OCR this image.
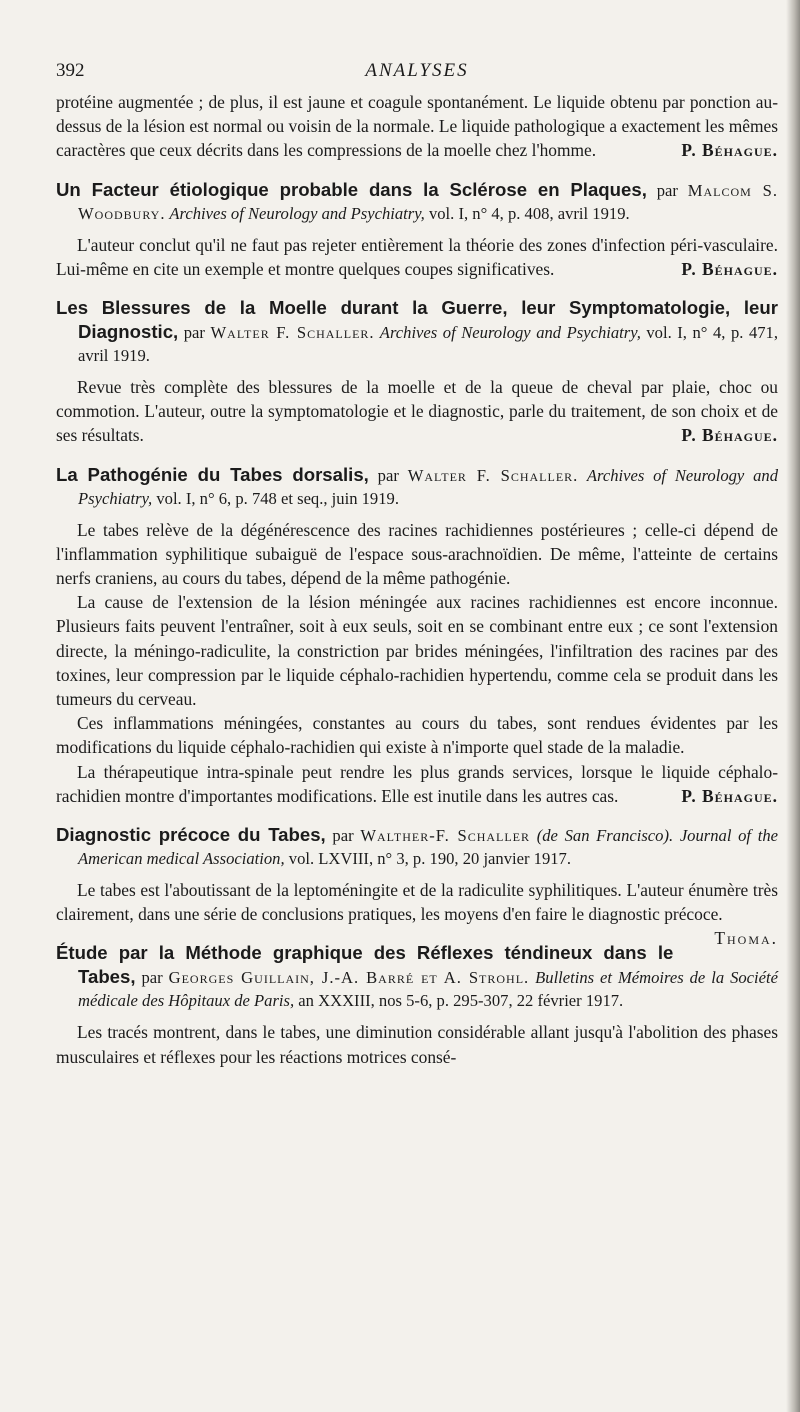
392	ANALYSES

protéine augmentée ; de plus, il est jaune et coagule spontanément. Le liquide obtenu par ponction au-dessus de la lésion est normal ou voisin de la normale. Le liquide pathologique a exactement les mêmes caractères que ceux décrits dans les compressions de la moelle chez l'homme.	P. Béhague.

Un Facteur étiologique probable dans la Sclérose en Plaques, par Malcom S. Woodbury. Archives of Neurology and Psychiatry, vol. I, n° 4, p. 408, avril 1919.

L'auteur conclut qu'il ne faut pas rejeter entièrement la théorie des zones d'infection péri-vasculaire. Lui-même en cite un exemple et montre quelques coupes significatives.	P. Béhague.

Les Blessures de la Moelle durant la Guerre, leur Symptomatologie, leur Diagnostic, par Walter F. Schaller. Archives of Neurology and Psychiatry, vol. I, n° 4, p. 471, avril 1919.

Revue très complète des blessures de la moelle et de la queue de cheval par plaie, choc ou commotion. L'auteur, outre la symptomatologie et le diagnostic, parle du traitement, de son choix et de ses résultats.	P. Béhague.

La Pathogénie du Tabes dorsalis, par Walter F. Schaller. Archives of Neurology and Psychiatry, vol. I, n° 6, p. 748 et seq., juin 1919.

Le tabes relève de la dégénérescence des racines rachidiennes postérieures ; celle-ci dépend de l'inflammation syphilitique subaiguë de l'espace sous-arachnoïdien. De même, l'atteinte de certains nerfs craniens, au cours du tabes, dépend de la même pathogénie.

La cause de l'extension de la lésion méningée aux racines rachidiennes est encore inconnue. Plusieurs faits peuvent l'entraîner, soit à eux seuls, soit en se combinant entre eux ; ce sont l'extension directe, la méningo-radiculite, la constriction par brides méningées, l'infiltration des racines par des toxines, leur compression par le liquide céphalo-rachidien hypertendu, comme cela se produit dans les tumeurs du cerveau.

Ces inflammations méningées, constantes au cours du tabes, sont rendues évidentes par les modifications du liquide céphalo-rachidien qui existe à n'importe quel stade de la maladie.

La thérapeutique intra-spinale peut rendre les plus grands services, lorsque le liquide céphalo-rachidien montre d'importantes modifications. Elle est inutile dans les autres cas.	P. Béhague.

Diagnostic précoce du Tabes, par Walther-F. Schaller (de San Francisco). Journal of the American medical Association, vol. LXVIII, n° 3, p. 190, 20 janvier 1917.

Le tabes est l'aboutissant de la leptoméningite et de la radiculite syphilitiques. L'auteur énumère très clairement, dans une série de conclusions pratiques, les moyens d'en faire le diagnostic précoce.
Thoma.

Étude par la Méthode graphique des Réflexes téndineux dans le Tabes, par Georges Guillain, J.-A. Barré et A. Strohl. Bulletins et Mémoires de la Société médicale des Hôpitaux de Paris, an XXXIII, nos 5-6, p. 295-307, 22 février 1917.

Les tracés montrent, dans le tabes, une diminution considérable allant jusqu'à l'abolition des phases musculaires et réflexes pour les réactions motrices consé-
